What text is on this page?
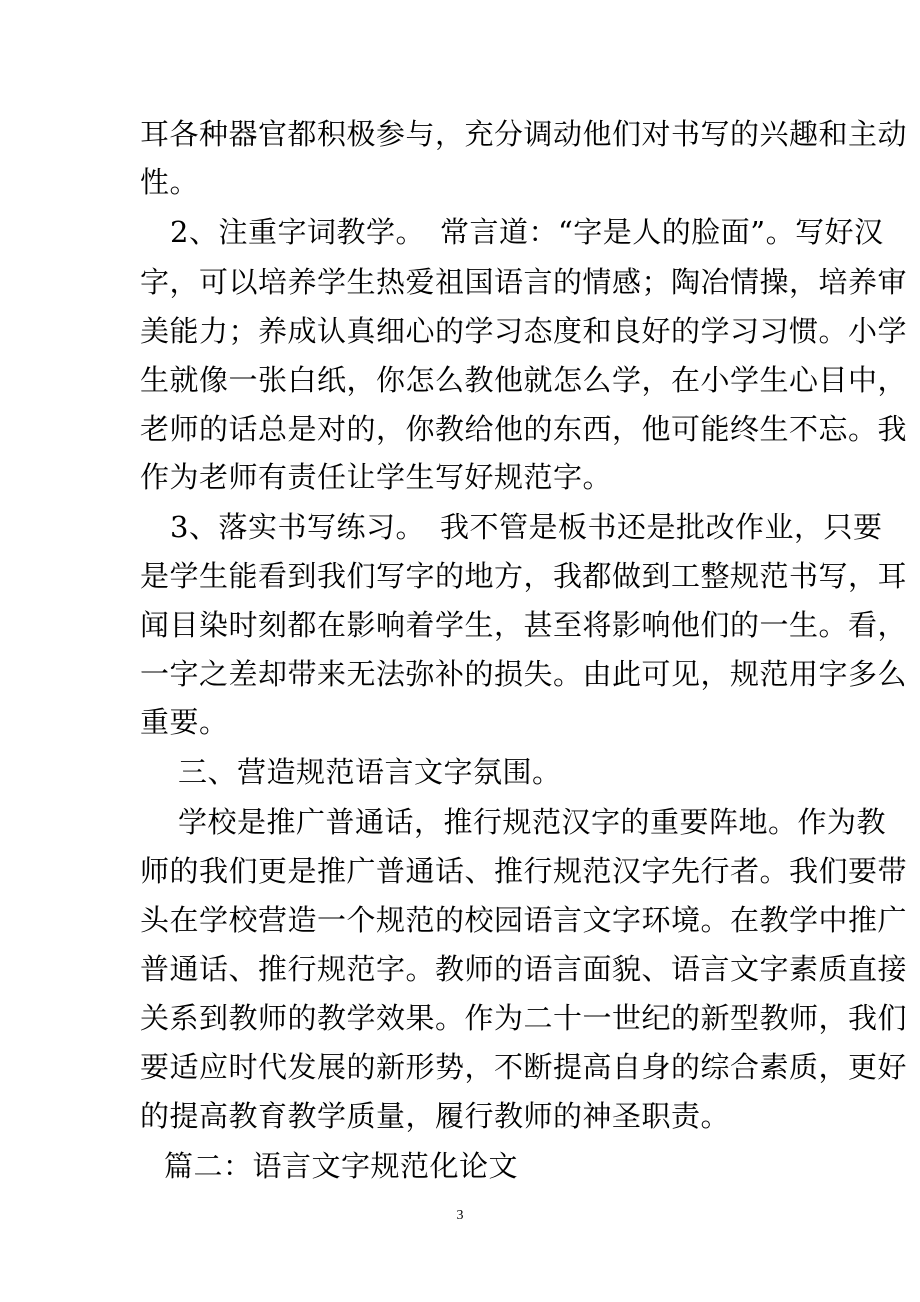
耳各种器官都积极参与，充分调动他们对书写的兴趣和主动
性。
2、注重字词教学。　常言道：“字是人的脸面”。写好汉
字，可以培养学生热爱祖国语言的情感；陶冶情操，培养审
美能力；养成认真细心的学习态度和良好的学习习惯。小学
生就像一张白纸，你怎么教他就怎么学，在小学生心目中，
老师的话总是对的，你教给他的东西，他可能终生不忘。我
作为老师有责任让学生写好规范字。
3、落实书写练习。　我不管是板书还是批改作业，只要
是学生能看到我们写字的地方，我都做到工整规范书写，耳
闻目染时刻都在影响着学生，甚至将影响他们的一生。看，
一字之差却带来无法弥补的损失。由此可见，规范用字多么
重要。
三、营造规范语言文字氛围。
学校是推广普通话，推行规范汉字的重要阵地。作为教
师的我们更是推广普通话、推行规范汉字先行者。我们要带
头在学校营造一个规范的校园语言文字环境。在教学中推广
普通话、推行规范字。教师的语言面貌、语言文字素质直接
关系到教师的教学效果。作为二十一世纪的新型教师，我们
要适应时代发展的新形势，不断提高自身的综合素质，更好
的提高教育教学质量，履行教师的神圣职责。
篇二：语言文字规范化论文
3
